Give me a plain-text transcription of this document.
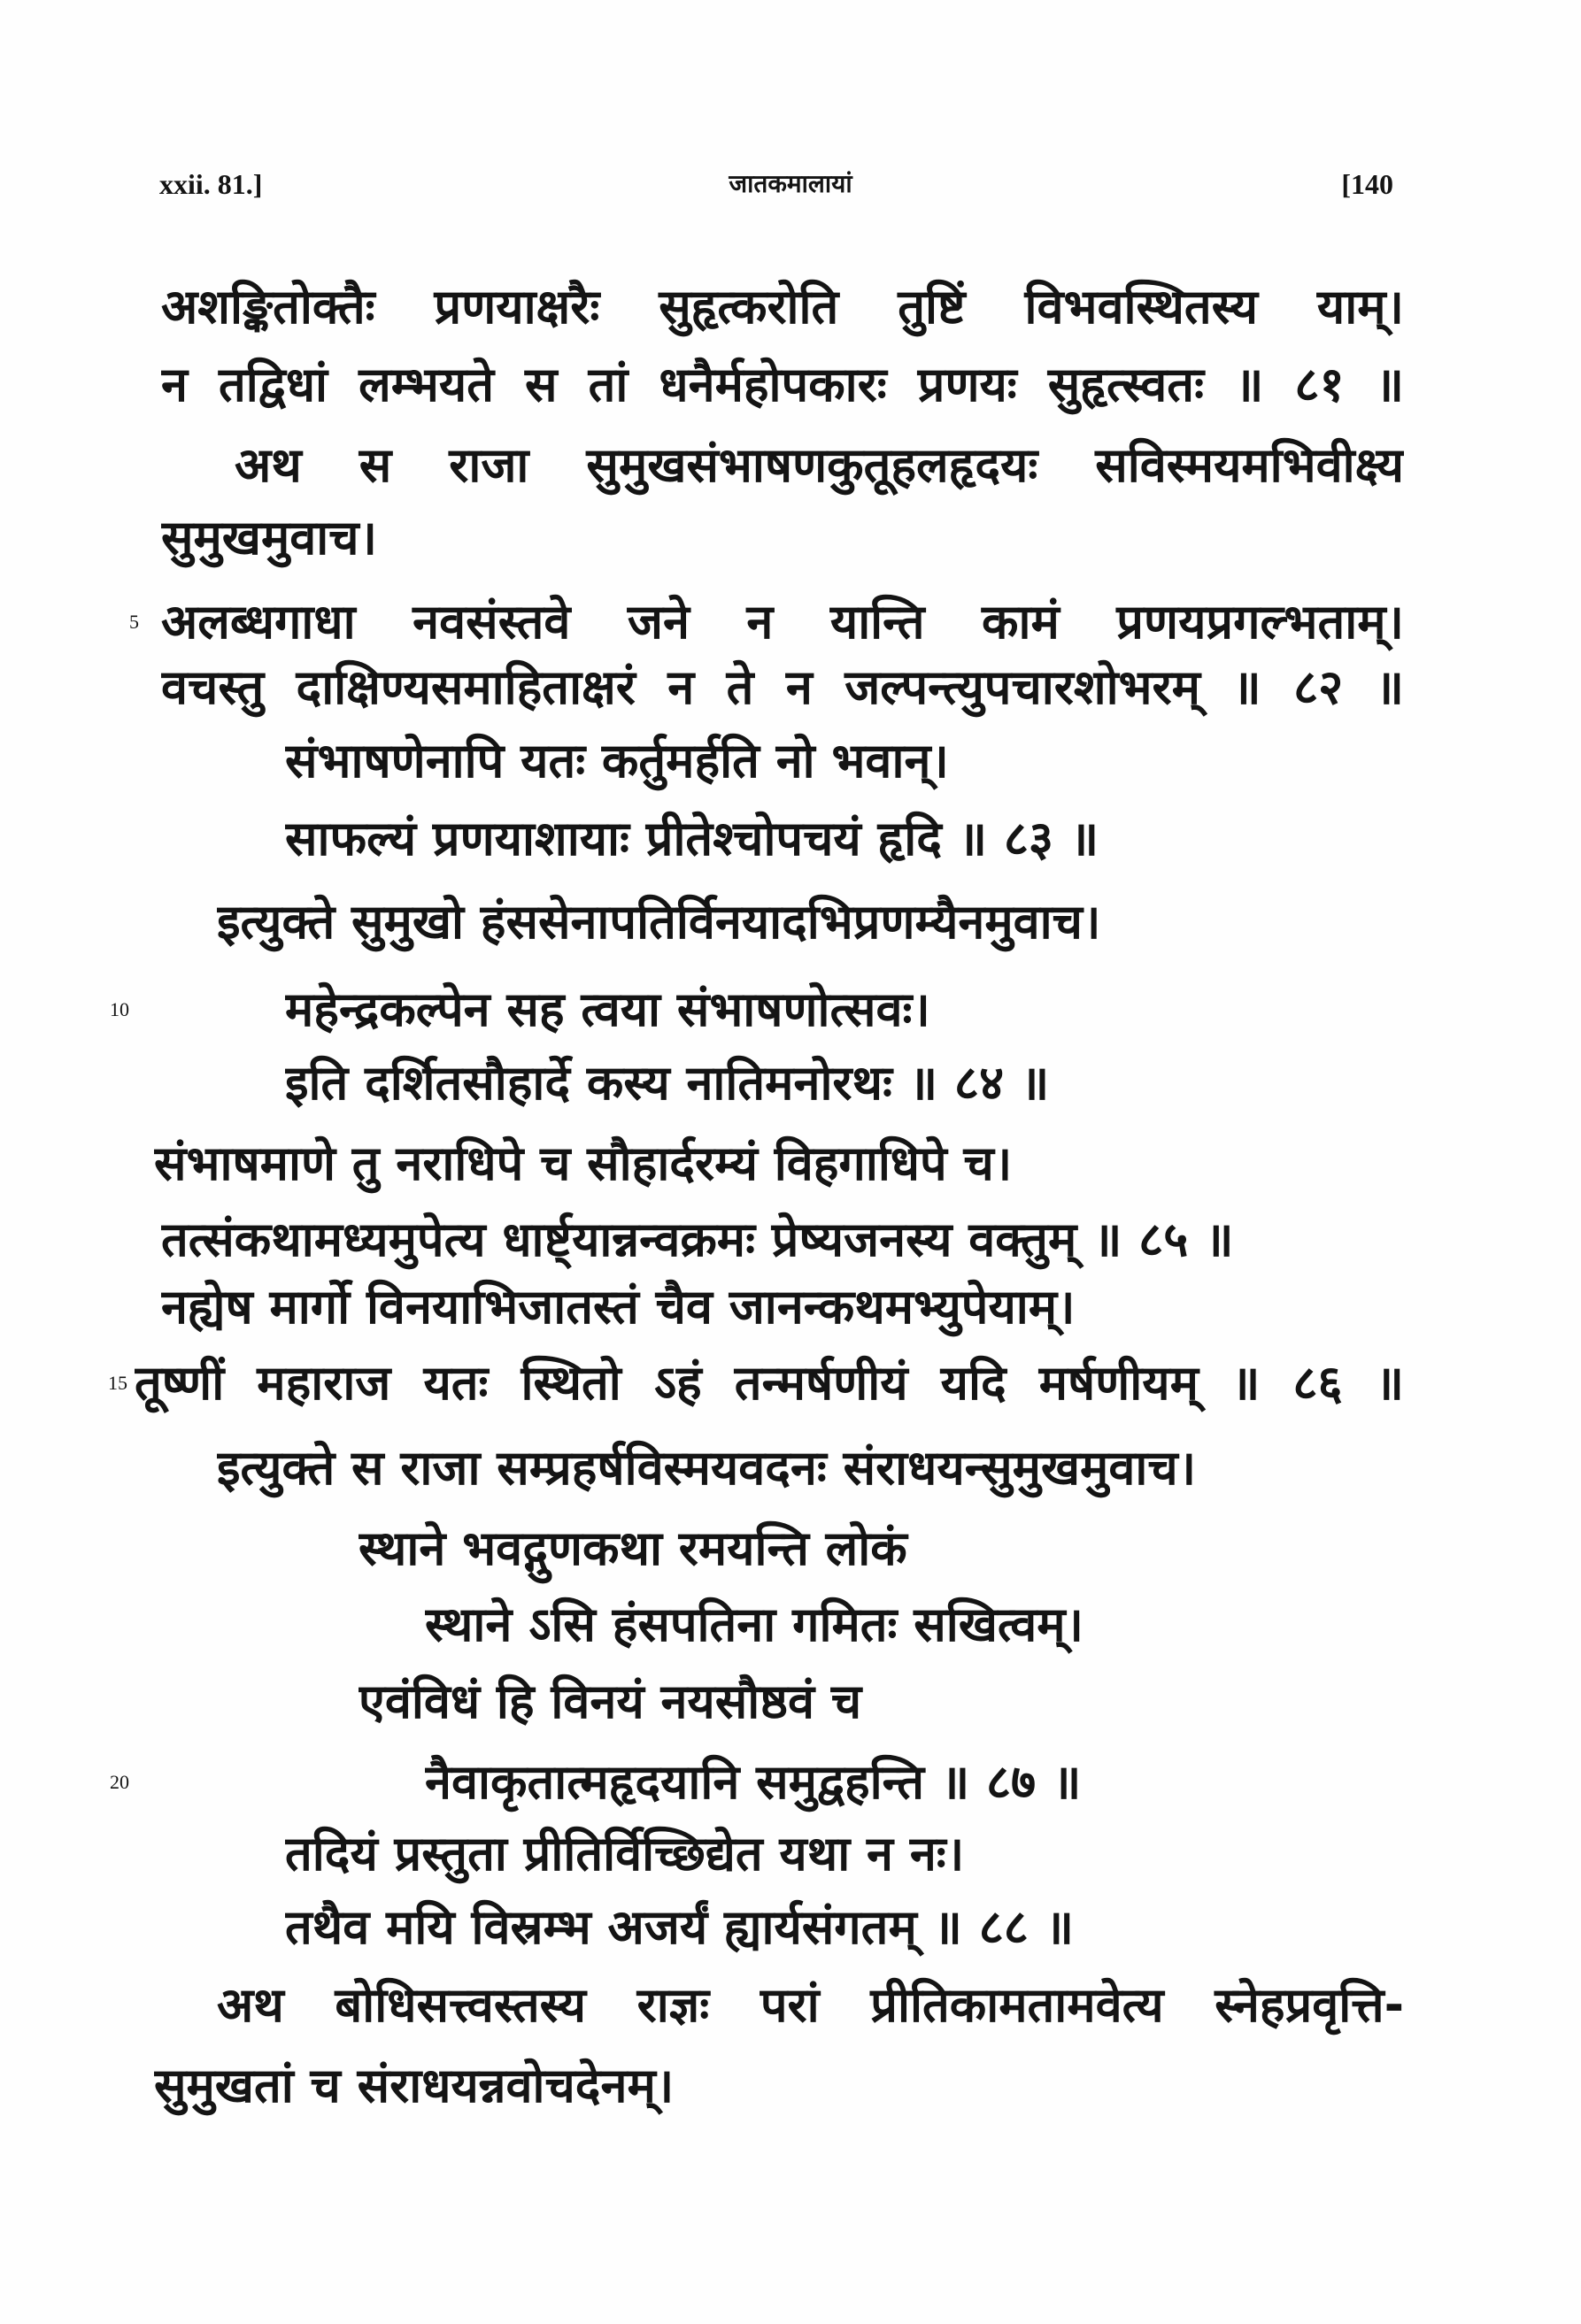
xxii. 81.]	जातकमालायां	[140
अशङ्कितोक्तैः प्रणयाक्षरैः सुहृत्करोति तुष्टिं विभवस्थितस्य याम्।
न तद्विधां लम्भयते स तां धनैर्महोपकारः प्रणयः सुहृत्स्वतः ॥ ८१ ॥
अथ स राजा सुमुखसंभाषणकुतूहलहृदयः सविस्मयमभिवीक्ष्य
सुमुखमुवाच।
5 अलब्धगाधा नवसंस्तवे जने न यान्ति कामं प्रणयप्रगल्भताम्।
वचस्तु दाक्षिण्यसमाहिताक्षरं न ते न जल्पन्त्युपचारशोभरम् ॥ ८२ ॥
संभाषणेनापि यतः कर्तुमर्हति नो भवान्।
साफल्यं प्रणयाशायाः प्रीतेश्चोपचयं हृदि ॥ ८३ ॥
इत्युक्ते सुमुखो हंससेनापतिर्विनयादभिप्रणम्यैनमुवाच।
10	महेन्द्रकल्पेन सह त्वया संभाषणोत्सवः।
इति दर्शितसौहार्दे कस्य नातिमनोरथः ॥ ८४ ॥
संभाषमाणे तु नराधिपे च सौहार्दरम्यं विहगाधिपे च।
तत्संकथामध्यमुपेत्य धार्ष्ट्यान्नन्वक्रमः प्रेष्यजनस्य वक्तुम् ॥ ८५ ॥
नह्येष मार्गो विनयाभिजातस्तं चैव जानन्कथमभ्युपेयाम्।
15 तूष्णीं महाराज यतः स्थितो ऽहं तन्मर्षणीयं यदि मर्षणीयम् ॥ ८६ ॥
इत्युक्ते स राजा सम्प्रहर्षविस्मयवदनः संराधयन्सुमुखमुवाच।
स्थाने भवद्गुणकथा रमयन्ति लोकं
स्थाने ऽसि हंसपतिना गमितः सखित्वम्।
एवंविधं हि विनयं नयसौष्ठवं च
20	नैवाकृतात्महृदयानि समुद्वहन्ति ॥ ८७ ॥
तदियं प्रस्तुता प्रीतिर्विच्छिद्येत यथा न नः।
तथैव मयि विस्रम्भ अजर्यं ह्यार्यसंगतम् ॥ ८८ ॥
अथ बोधिसत्त्वस्तस्य राज्ञः परां प्रीतिकामतामवेत्य स्नेहप्रवृत्ति-
सुमुखतां च संराधयन्नवोचदेनम्।
